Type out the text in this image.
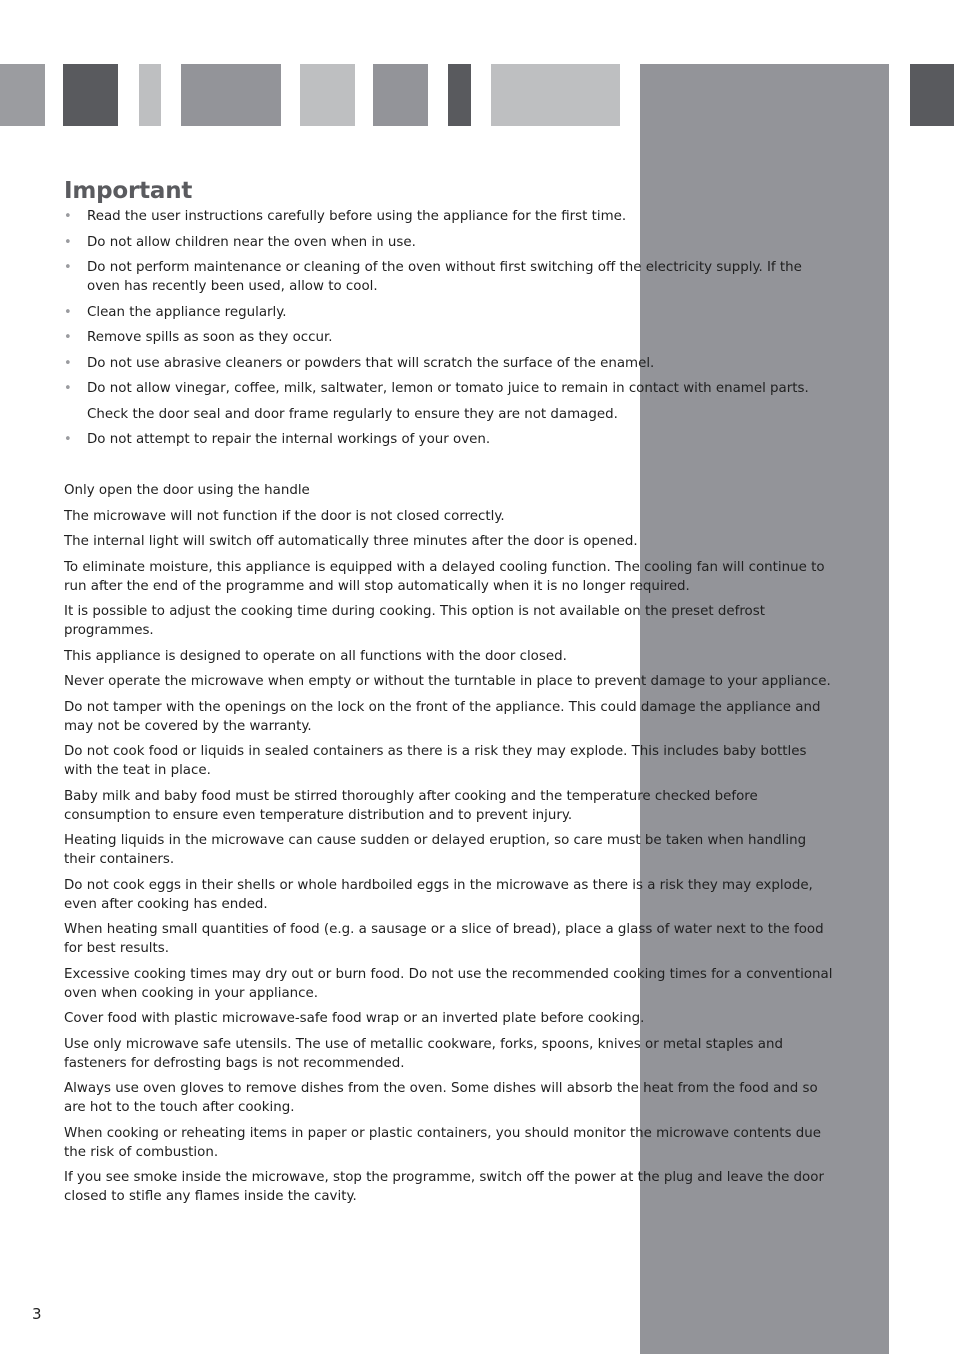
Important
• Read the user instructions carefully before using the appliance for the first time.
• Do not allow children near the oven when in use.
• Do not perform maintenance or cleaning of the oven without first switching off the electricity supply. If the oven has recently been used, allow to cool.
• Clean the appliance regularly.
• Remove spills as soon as they occur.
• Do not use abrasive cleaners or powders that will scratch the surface of the enamel.
• Do not allow vinegar, coffee, milk, saltwater, lemon or tomato juice to remain in contact with enamel parts.
Check the door seal and door frame regularly to ensure they are not damaged.
• Do not attempt to repair the internal workings of your oven.

Only open the door using the handle

The microwave will not function if the door is not closed correctly.

The internal light will switch off automatically three minutes after the door is opened.

To eliminate moisture, this appliance is equipped with a delayed cooling function. The cooling fan will continue to run after the end of the programme and will stop automatically when it is no longer required.

It is possible to adjust the cooking time during cooking. This option is not available on the preset defrost programmes.

This appliance is designed to operate on all functions with the door closed.

Never operate the microwave when empty or without the turntable in place to prevent damage to your appliance.

Do not tamper with the openings on the lock on the front of the appliance. This could damage the appliance and may not be covered by the warranty.

Do not cook food or liquids in sealed containers as there is a risk they may explode. This includes baby bottles with the teat in place.

Baby milk and baby food must be stirred thoroughly after cooking and the temperature checked before consumption to ensure even temperature distribution and to prevent injury.

Heating liquids in the microwave can cause sudden or delayed eruption, so care must be taken when handling their containers.

Do not cook eggs in their shells or whole hardboiled eggs in the microwave as there is a risk they may explode, even after cooking has ended.

When heating small quantities of food (e.g. a sausage or a slice of bread), place a glass of water next to the food for best results.

Excessive cooking times may dry out or burn food. Do not use the recommended cooking times for a conventional oven when cooking in your appliance.

Cover food with plastic microwave-safe food wrap or an inverted plate before cooking.

Use only microwave safe utensils. The use of metallic cookware, forks, spoons, knives or metal staples and fasteners for defrosting bags is not recommended.

Always use oven gloves to remove dishes from the oven. Some dishes will absorb the heat from the food and so are hot to the touch after cooking.

When cooking or reheating items in paper or plastic containers, you should monitor the microwave contents due the risk of combustion.

If you see smoke inside the microwave, stop the programme, switch off the power at the plug and leave the door closed to stifle any flames inside the cavity.

3
